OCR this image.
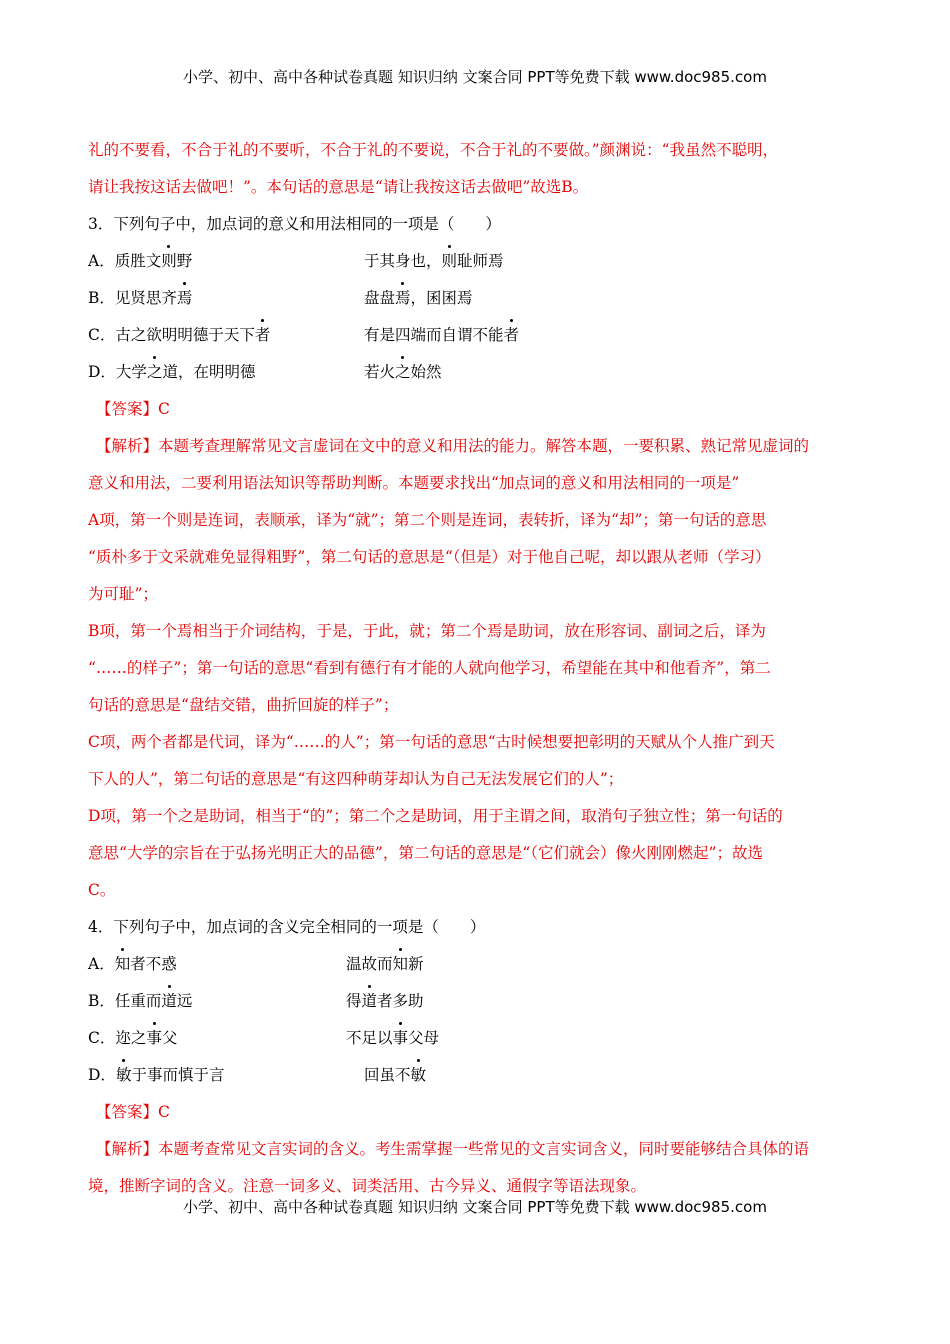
小学、初中、高中各种试卷真题 知识归纳 文案合同 PPT等免费下载 www.doc985.com
礼的不要看，不合于礼的不要听，不合于礼的不要说，不合于礼的不要做。”颜渊说：“我虽然不聪明，
请让我按这话去做吧！”。本句话的意思是“请让我按这话去做吧”故选B。
3．下列句子中，加点词的意义和用法相同的一项是（　　）
A．质胜文则野	于其身也，则耻师焉
B．见贤思齐焉	盘盘焉，囷囷焉
C．古之欲明明德于天下者	有是四端而自谓不能者
D．大学之道，在明明德	若火之始然
【答案】C
【解析】本题考查理解常见文言虚词在文中的意义和用法的能力。解答本题，一要积累、熟记常见虚词的
意义和用法，二要利用语法知识等帮助判断。本题要求找出“加点词的意义和用法相同的一项是”
A项，第一个则是连词，表顺承，译为“就”；第二个则是连词，表转折，译为“却”；第一句话的意思
“质朴多于文采就难免显得粗野”，第二句话的意思是“（但是）对于他自己呢，却以跟从老师（学习）
为可耻”；
B项，第一个焉相当于介词结构，于是，于此，就；第二个焉是助词，放在形容词、副词之后，译为
“……的样子”；第一句话的意思“看到有德行有才能的人就向他学习，希望能在其中和他看齐”，第二
句话的意思是“盘结交错，曲折回旋的样子”；
C项，两个者都是代词，译为“……的人”；第一句话的意思“古时候想要把彰明的天赋从个人推广到天
下人的人”，第二句话的意思是“有这四种萌芽却认为自己无法发展它们的人”；
D项，第一个之是助词，相当于“的”；第二个之是助词，用于主谓之间，取消句子独立性；第一句话的
意思“大学的宗旨在于弘扬光明正大的品德”，第二句话的意思是“（它们就会）像火刚刚燃起”；故选
C。
4．下列句子中，加点词的含义完全相同的一项是（　　）
A．知者不惑	温故而知新
B．任重而道远	得道者多助
C．迩之事父	不足以事父母
D．敏于事而慎于言	回虽不敏
【答案】C
【解析】本题考查常见文言实词的含义。考生需掌握一些常见的文言实词含义，同时要能够结合具体的语
境，推断字词的含义。注意一词多义、词类活用、古今异义、通假字等语法现象。
小学、初中、高中各种试卷真题 知识归纳 文案合同 PPT等免费下载 www.doc985.com
